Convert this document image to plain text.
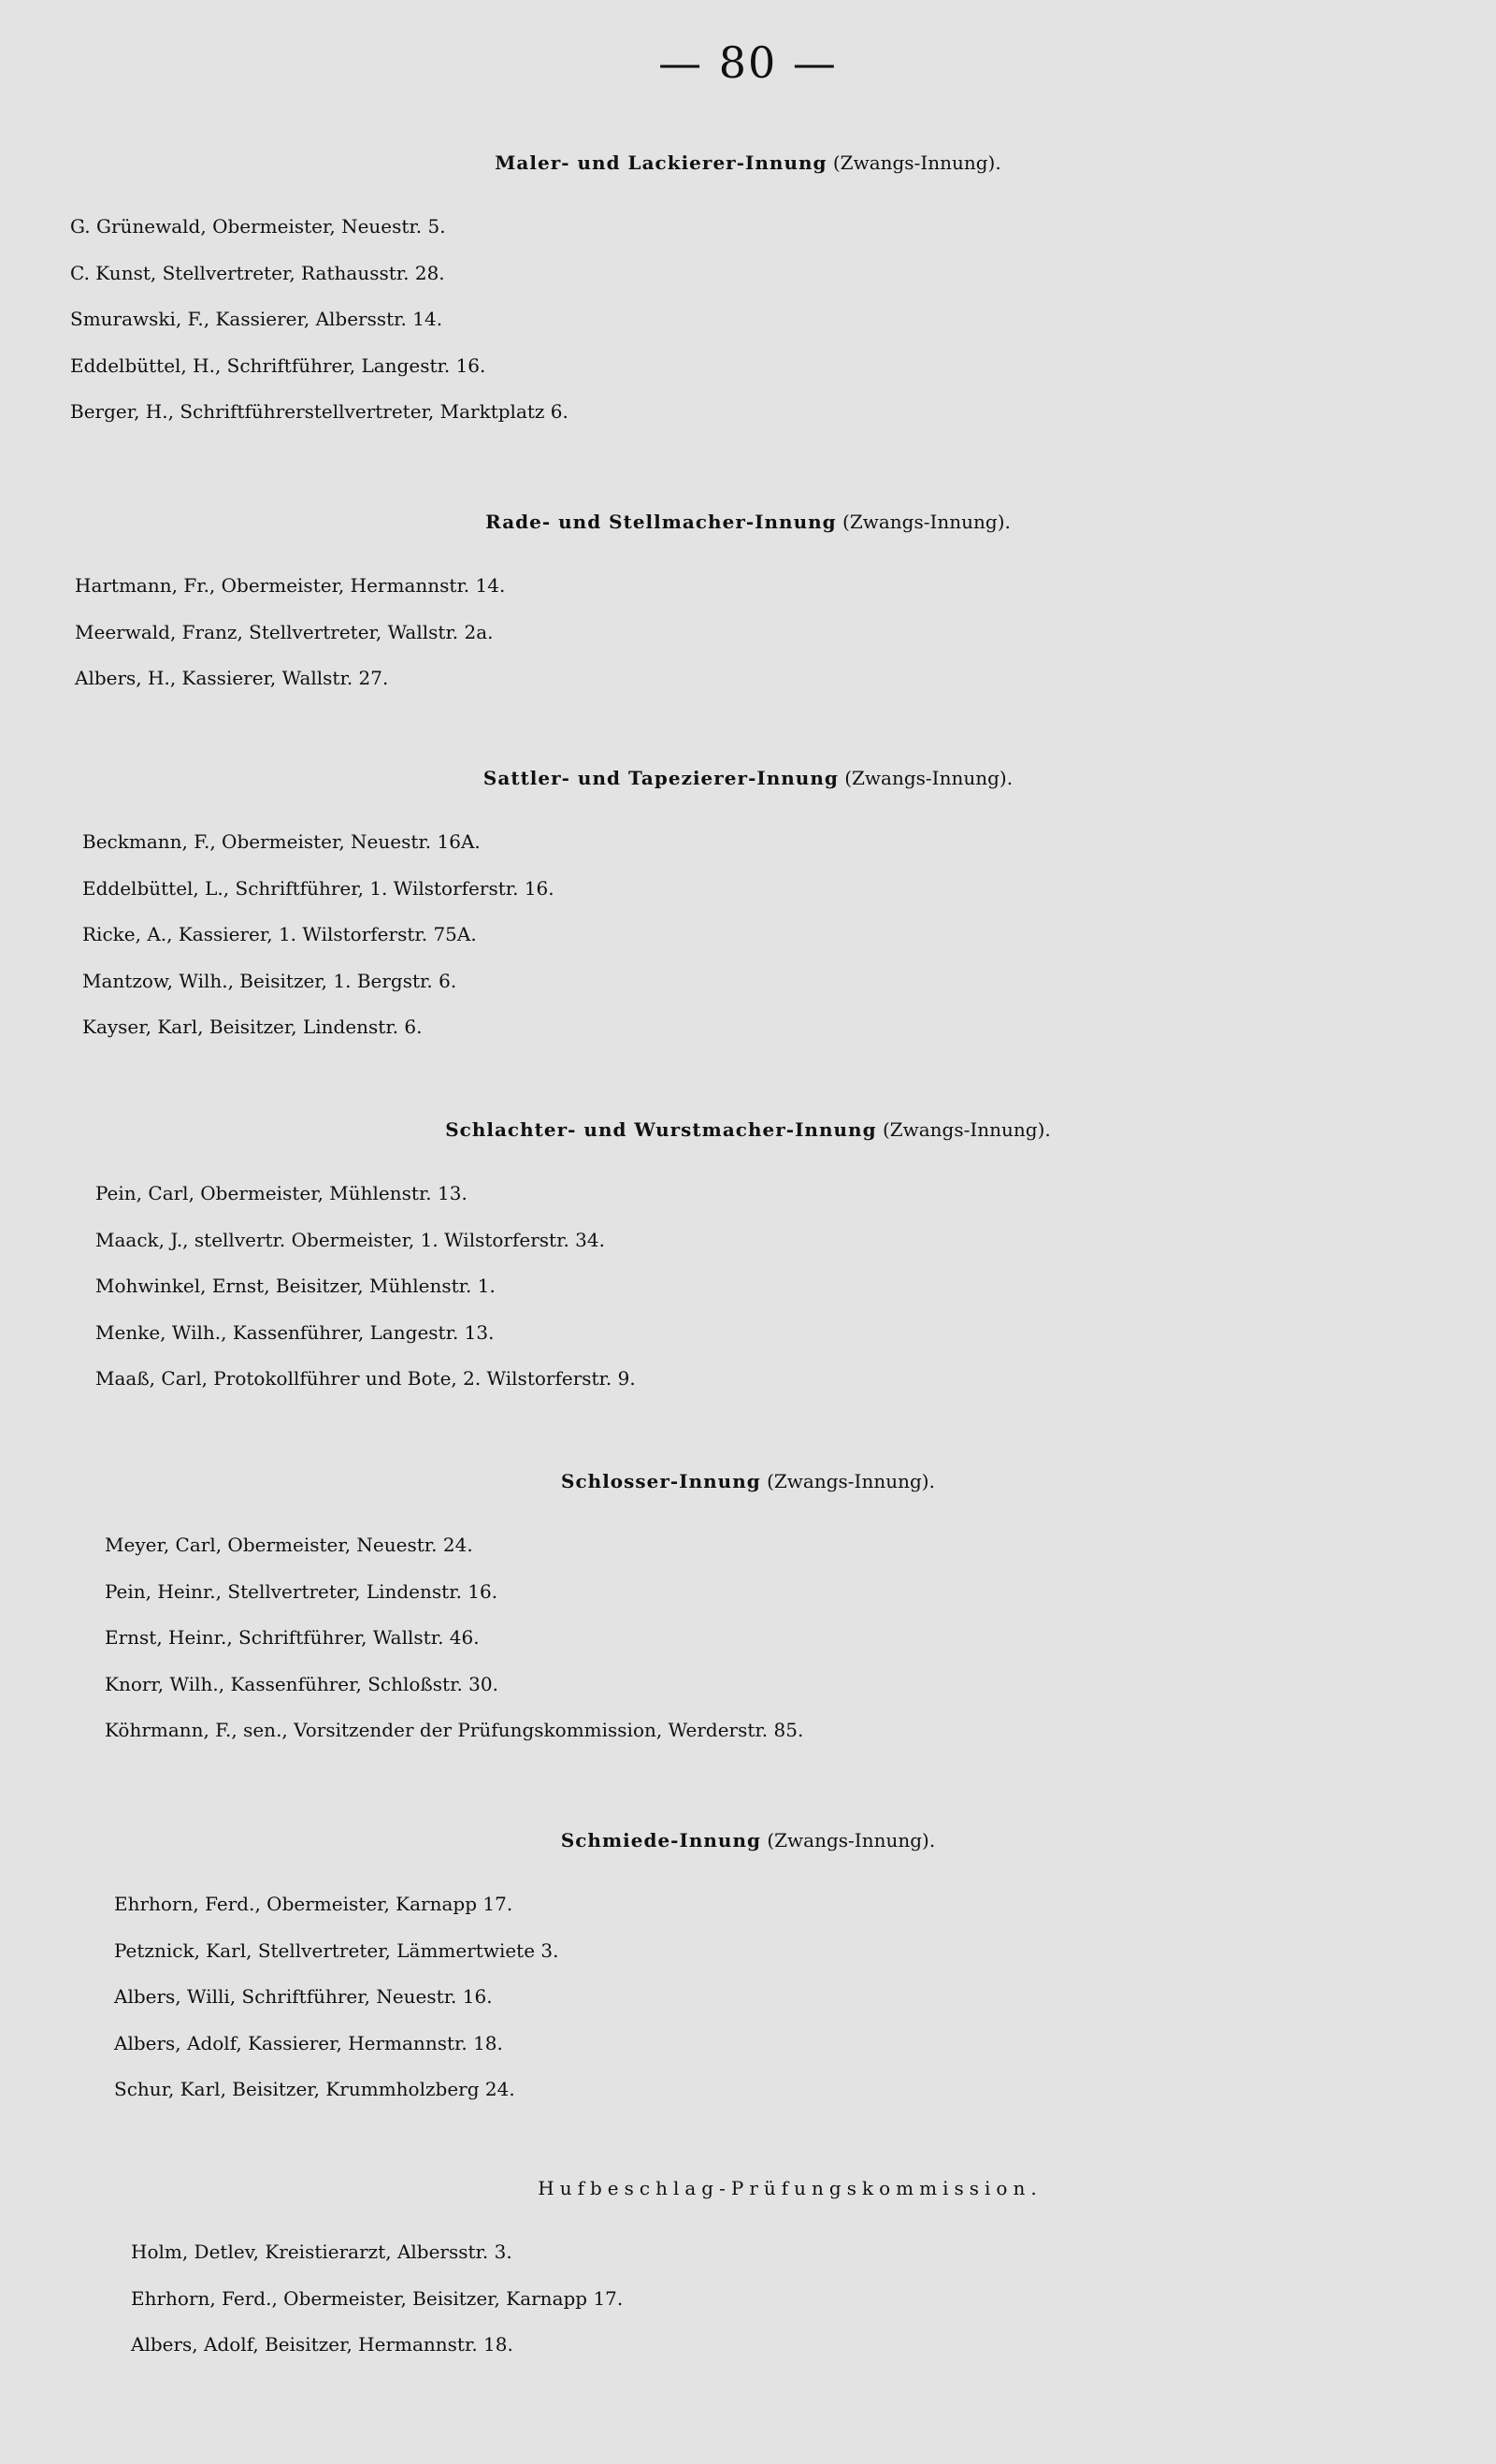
— 80 —
Maler- und Lackierer-Innung (Zwangs-Innung).
G. Grünewald, Obermeister, Neuestr. 5.
C. Kunst, Stellvertreter, Rathausstr. 28.
Smurawski, F., Kassierer, Albersstr. 14.
Eddelbüttel, H., Schriftführer, Langestr. 16.
Berger, H., Schriftführerstellvertreter, Marktplatz 6.
Rade- und Stellmacher-Innung (Zwangs-Innung).
Hartmann, Fr., Obermeister, Hermannstr. 14.
Meerwald, Franz, Stellvertreter, Wallstr. 2a.
Albers, H., Kassierer, Wallstr. 27.
Sattler- und Tapezierer-Innung (Zwangs-Innung).
Beckmann, F., Obermeister, Neuestr. 16A.
Eddelbüttel, L., Schriftführer, 1. Wilstorferstr. 16.
Ricke, A., Kassierer, 1. Wilstorferstr. 75A.
Mantzow, Wilh., Beisitzer, 1. Bergstr. 6.
Kayser, Karl, Beisitzer, Lindenstr. 6.
Schlachter- und Wurstmacher-Innung (Zwangs-Innung).
Pein, Carl, Obermeister, Mühlenstr. 13.
Maack, J., stellvertr. Obermeister, 1. Wilstorferstr. 34.
Mohwinkel, Ernst, Beisitzer, Mühlenstr. 1.
Menke, Wilh., Kassenführer, Langestr. 13.
Maaß, Carl, Protokollführer und Bote, 2. Wilstorferstr. 9.
Schlosser-Innung (Zwangs-Innung).
Meyer, Carl, Obermeister, Neuestr. 24.
Pein, Heinr., Stellvertreter, Lindenstr. 16.
Ernst, Heinr., Schriftführer, Wallstr. 46.
Knorr, Wilh., Kassenführer, Schloßstr. 30.
Köhrmann, F., sen., Vorsitzender der Prüfungskommission, Werderstr. 85.
Schmiede-Innung (Zwangs-Innung).
Ehrhorn, Ferd., Obermeister, Karnapp 17.
Petznick, Karl, Stellvertreter, Lämmertwiete 3.
Albers, Willi, Schriftführer, Neuestr. 16.
Albers, Adolf, Kassierer, Hermannstr. 18.
Schur, Karl, Beisitzer, Krummholzberg 24.
Hufbeschlag-Prüfungskommission.
Holm, Detlev, Kreistierarzt, Albersstr. 3.
Ehrhorn, Ferd., Obermeister, Beisitzer, Karnapp 17.
Albers, Adolf, Beisitzer, Hermannstr. 18.
